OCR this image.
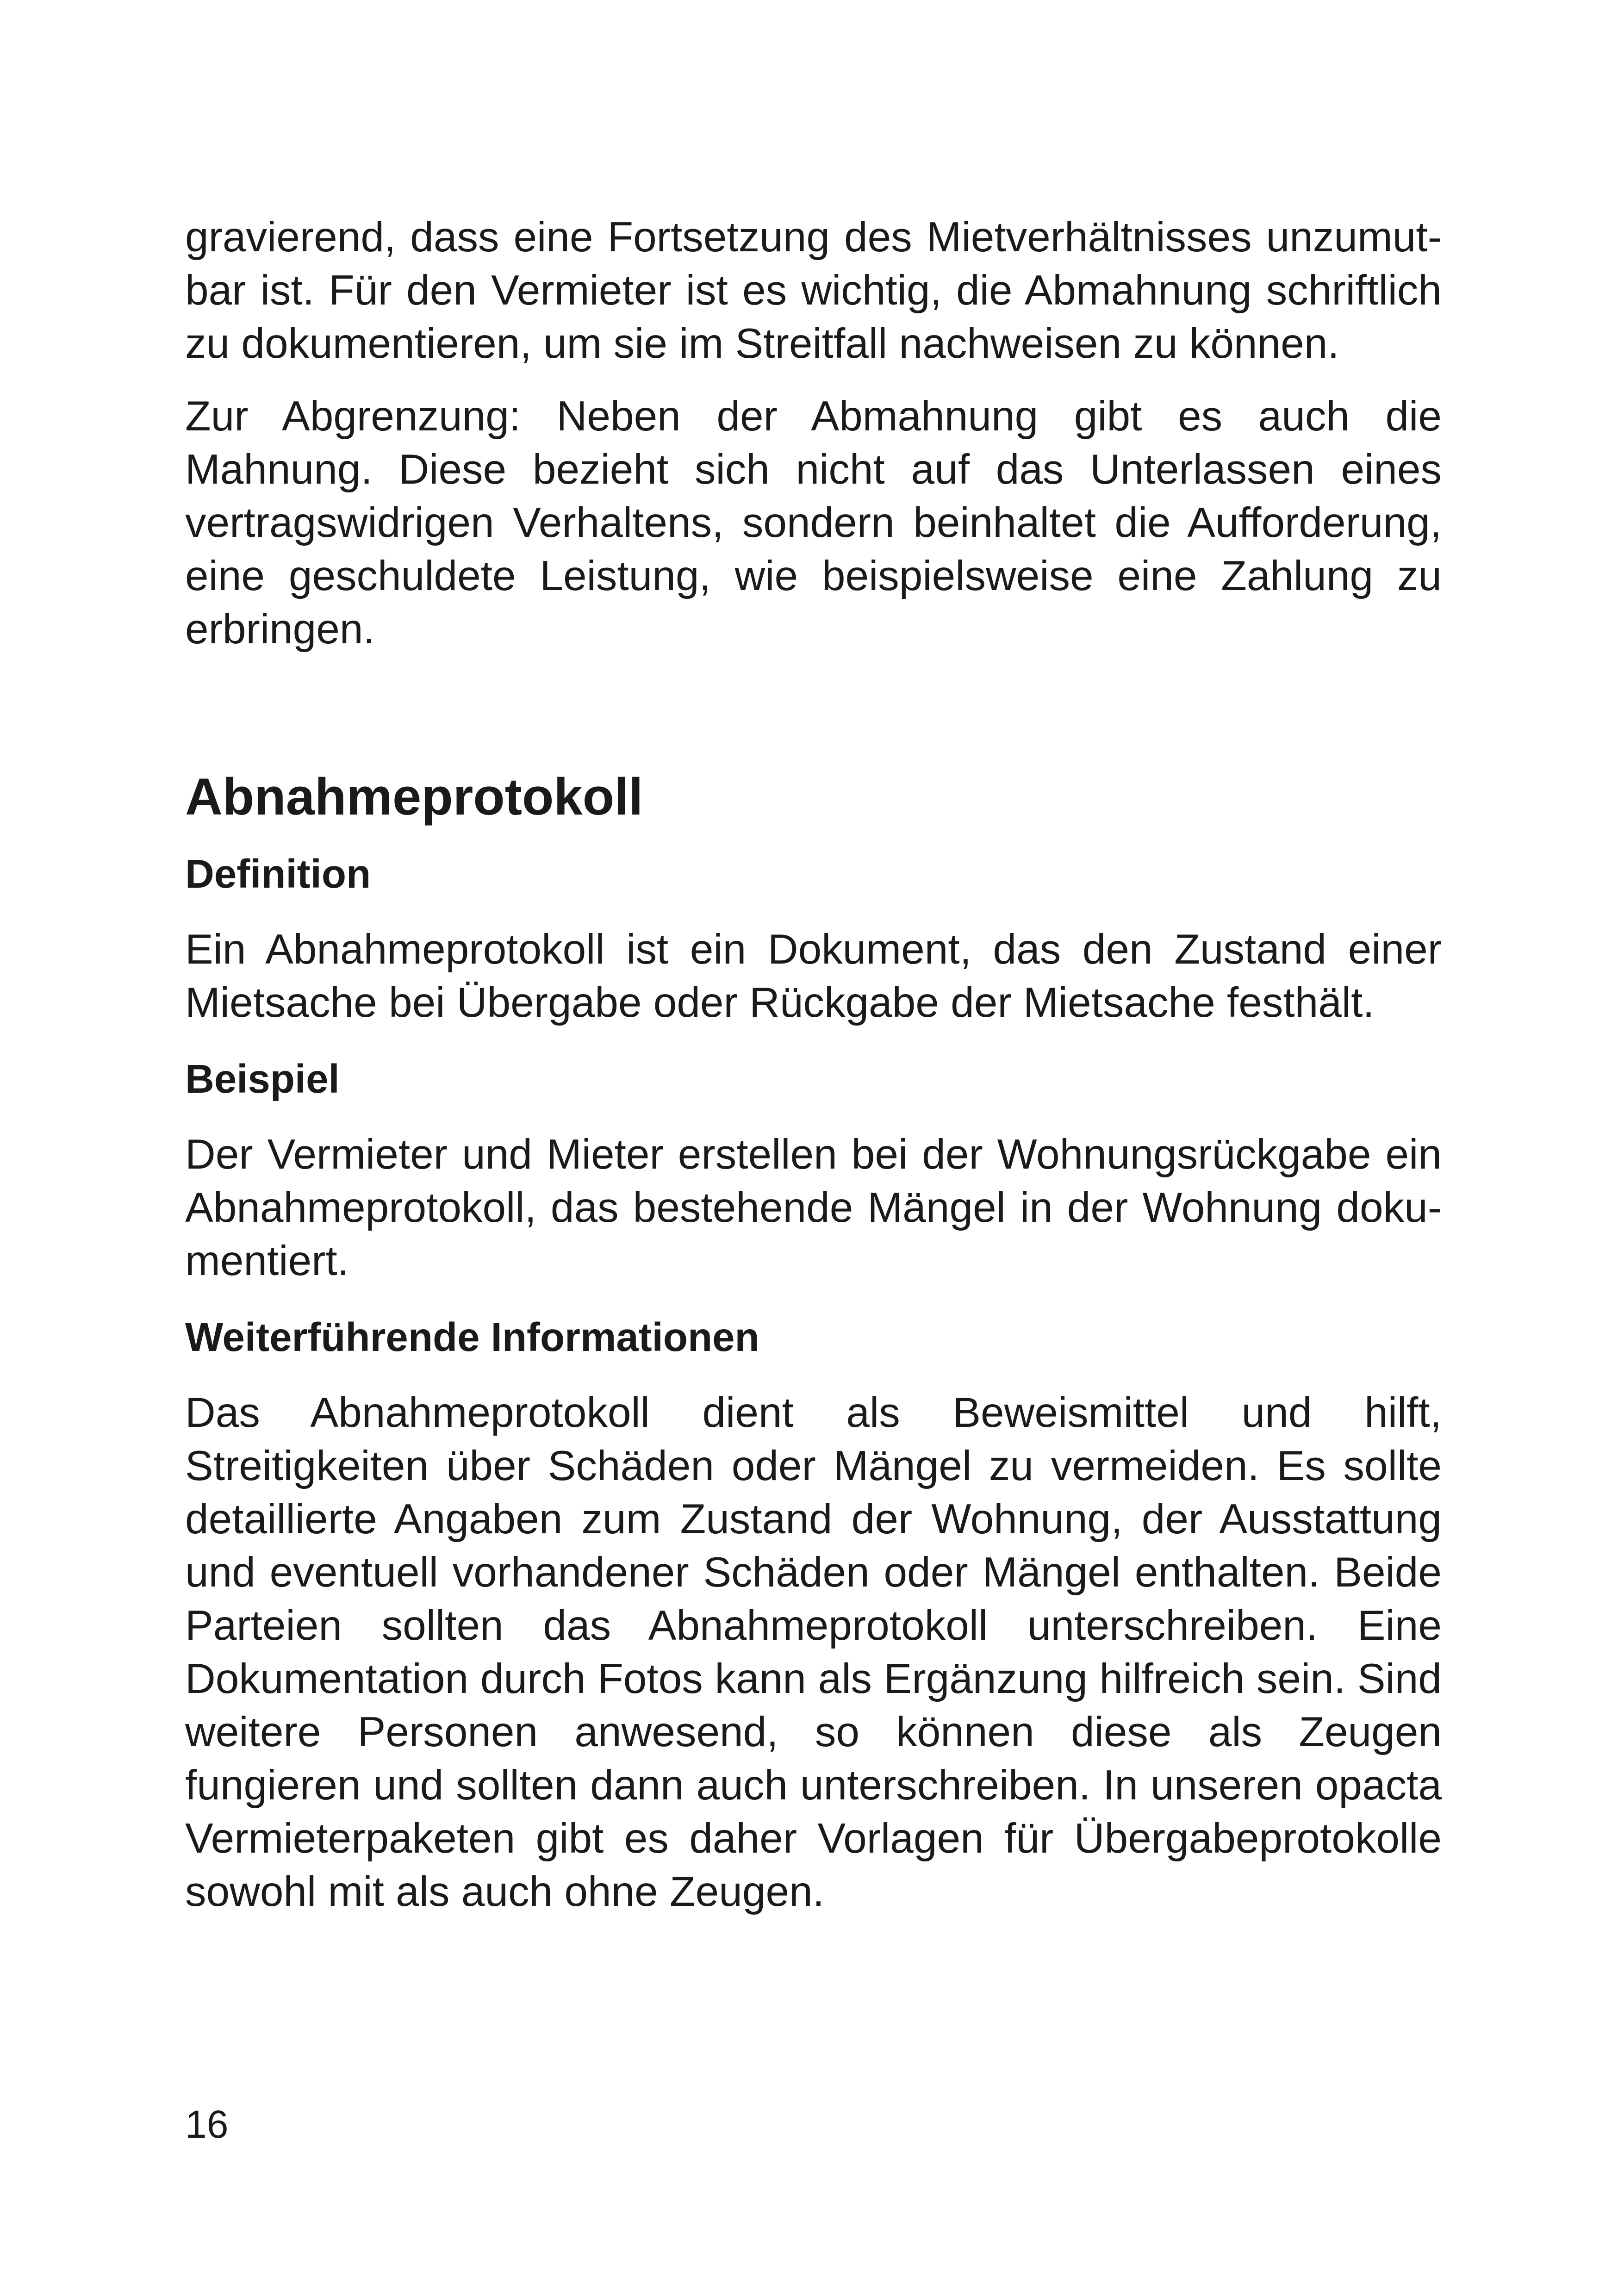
gravierend, dass eine Fortsetzung des Mietverhältnisses unzumutbar ist. Für den Vermieter ist es wichtig, die Abmahnung schriftlich zu dokumentieren, um sie im Streitfall nachweisen zu können.

Zur Abgrenzung: Neben der Abmahnung gibt es auch die Mahnung. Diese bezieht sich nicht auf das Unterlassen eines vertragswidrigen Verhaltens, sondern beinhaltet die Aufforderung, eine geschuldete Leistung, wie beispielsweise eine Zahlung zu erbringen.

Abnahmeprotokoll
Definition

Ein Abnahmeprotokoll ist ein Dokument, das den Zustand einer Mietsache bei Übergabe oder Rückgabe der Mietsache festhält.

Beispiel

Der Vermieter und Mieter erstellen bei der Wohnungsrückgabe ein Abnahmeprotokoll, das bestehende Mängel in der Wohnung dokumentiert.

Weiterführende Informationen

Das Abnahmeprotokoll dient als Beweismittel und hilft, Streitigkeiten über Schäden oder Mängel zu vermeiden. Es sollte detaillierte Angaben zum Zustand der Wohnung, der Ausstattung und eventuell vorhandener Schäden oder Mängel enthalten. Beide Parteien sollten das Abnahmeprotokoll unterschreiben. Eine Dokumentation durch Fotos kann als Ergänzung hilfreich sein. Sind weitere Personen anwesend, so können diese als Zeugen fungieren und sollten dann auch unterschreiben. In unseren opacta Vermieterpaketen gibt es daher Vorlagen für Übergabeprotokolle sowohl mit als auch ohne Zeugen.

16
